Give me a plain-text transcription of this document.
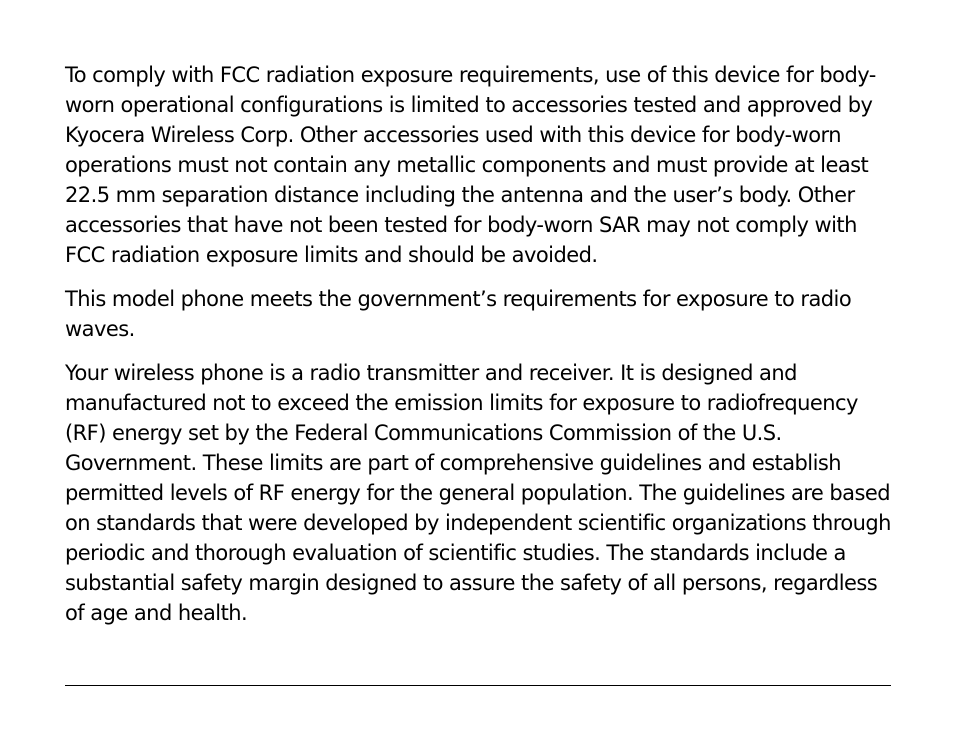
To comply with FCC radiation exposure requirements, use of this device for body-worn operational configurations is limited to accessories tested and approved by Kyocera Wireless Corp. Other accessories used with this device for body-worn operations must not contain any metallic components and must provide at least 22.5 mm separation distance including the antenna and the user’s body. Other accessories that have not been tested for body-worn SAR may not comply with FCC radiation exposure limits and should be avoided.

This model phone meets the government’s requirements for exposure to radio waves.

Your wireless phone is a radio transmitter and receiver. It is designed and manufactured not to exceed the emission limits for exposure to radiofrequency (RF) energy set by the Federal Communications Commission of the U.S. Government. These limits are part of comprehensive guidelines and establish permitted levels of RF energy for the general population. The guidelines are based on standards that were developed by independent scientific organizations through periodic and thorough evaluation of scientific studies. The standards include a substantial safety margin designed to assure the safety of all persons, regardless of age and health.
